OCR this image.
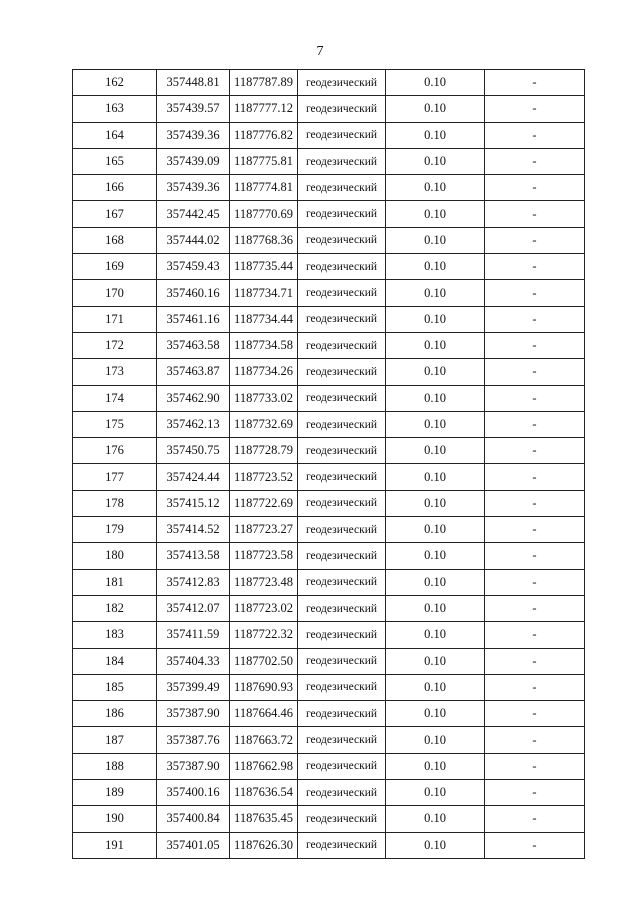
7
162	357448.81	1187787.89	геодезический	0.10	-
163	357439.57	1187777.12	геодезический	0.10	-
164	357439.36	1187776.82	геодезический	0.10	-
165	357439.09	1187775.81	геодезический	0.10	-
166	357439.36	1187774.81	геодезический	0.10	-
167	357442.45	1187770.69	геодезический	0.10	-
168	357444.02	1187768.36	геодезический	0.10	-
169	357459.43	1187735.44	геодезический	0.10	-
170	357460.16	1187734.71	геодезический	0.10	-
171	357461.16	1187734.44	геодезический	0.10	-
172	357463.58	1187734.58	геодезический	0.10	-
173	357463.87	1187734.26	геодезический	0.10	-
174	357462.90	1187733.02	геодезический	0.10	-
175	357462.13	1187732.69	геодезический	0.10	-
176	357450.75	1187728.79	геодезический	0.10	-
177	357424.44	1187723.52	геодезический	0.10	-
178	357415.12	1187722.69	геодезический	0.10	-
179	357414.52	1187723.27	геодезический	0.10	-
180	357413.58	1187723.58	геодезический	0.10	-
181	357412.83	1187723.48	геодезический	0.10	-
182	357412.07	1187723.02	геодезический	0.10	-
183	357411.59	1187722.32	геодезический	0.10	-
184	357404.33	1187702.50	геодезический	0.10	-
185	357399.49	1187690.93	геодезический	0.10	-
186	357387.90	1187664.46	геодезический	0.10	-
187	357387.76	1187663.72	геодезический	0.10	-
188	357387.90	1187662.98	геодезический	0.10	-
189	357400.16	1187636.54	геодезический	0.10	-
190	357400.84	1187635.45	геодезический	0.10	-
191	357401.05	1187626.30	геодезический	0.10	-
